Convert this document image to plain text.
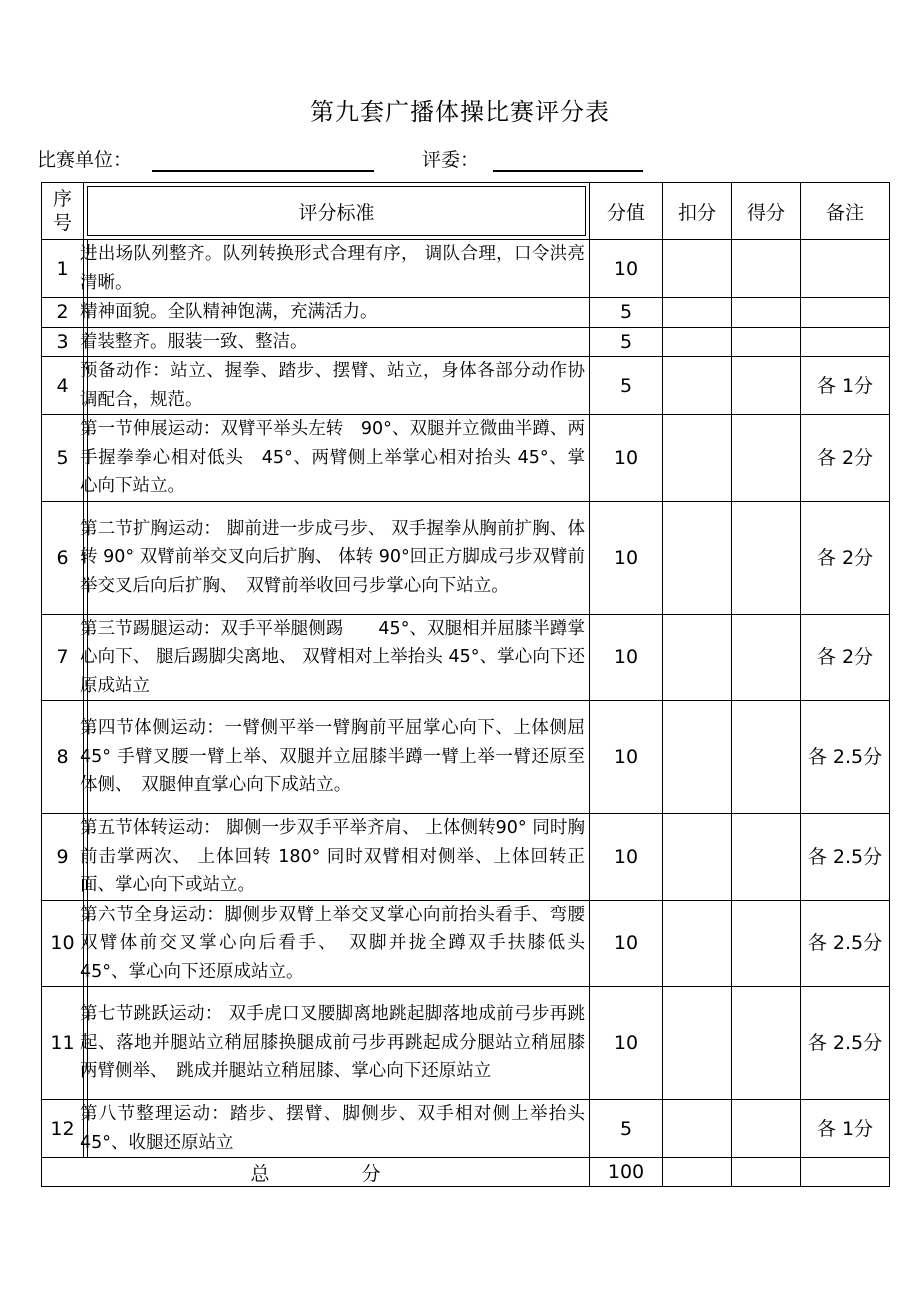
第九套广播体操比赛评分表
比赛单位：	评委：
序
号	评分标准	分值	扣分	得分	备注
1	进出场队列整齐。队列转换形式合理有序， 调队合理，口令洪亮清晰。	10			
2	精神面貌。全队精神饱满，充满活力。	5			
3	着装整齐。服装一致、整洁。	5			
4	预备动作：站立、握拳、踏步、摆臂、站立，身体各部分动作协调配合，规范。	5			各 1分
5	第一节伸展运动：双臂平举头左转　90°、双腿并立微曲半蹲、两手握拳拳心相对低头　45°、两臂侧上举掌心相对抬头 45°、掌心向下站立。	10			各 2分
6	第二节扩胸运动： 脚前进一步成弓步、 双手握拳从胸前扩胸、体转 90° 双臂前举交叉向后扩胸、 体转 90°回正方脚成弓步双臂前举交叉后向后扩胸、　双臂前举收回弓步掌心向下站立。	10			各 2分
7	第三节踢腿运动：双手平举腿侧踢　　45°、双腿相并屈膝半蹲掌心向下、 腿后踢脚尖离地、 双臂相对上举抬头 45°、掌心向下还原成站立	10			各 2分
8	第四节体侧运动：一臂侧平举一臂胸前平屈掌心向下、上体侧屈　45° 手臂叉腰一臂上举、双腿并立屈膝半蹲一臂上举一臂还原至体侧、　双腿伸直掌心向下成站立。	10			各 2.5分
9	第五节体转运动： 脚侧一步双手平举齐肩、 上体侧转90° 同时胸前击掌两次、 上体回转 180° 同时双臂相对侧举、上体回转正面、掌心向下或站立。	10			各 2.5分
10	第六节全身运动：脚侧步双臂上举交叉掌心向前抬头看手、弯腰双臂体前交叉掌心向后看手、　双脚并拢全蹲双手扶膝低头　45°、掌心向下还原成站立。	10			各 2.5分
11	第七节跳跃运动： 双手虎口叉腰脚离地跳起脚落地成前弓步再跳起、落地并腿站立稍屈膝换腿成前弓步再跳起成分腿站立稍屈膝两臂侧举、　跳成并腿站立稍屈膝、掌心向下还原站立	10			各 2.5分
12	第八节整理运动：踏步、摆臂、脚侧步、双手相对侧上举抬头 45°、收腿还原站立	5			各 1分
总 分		100			
